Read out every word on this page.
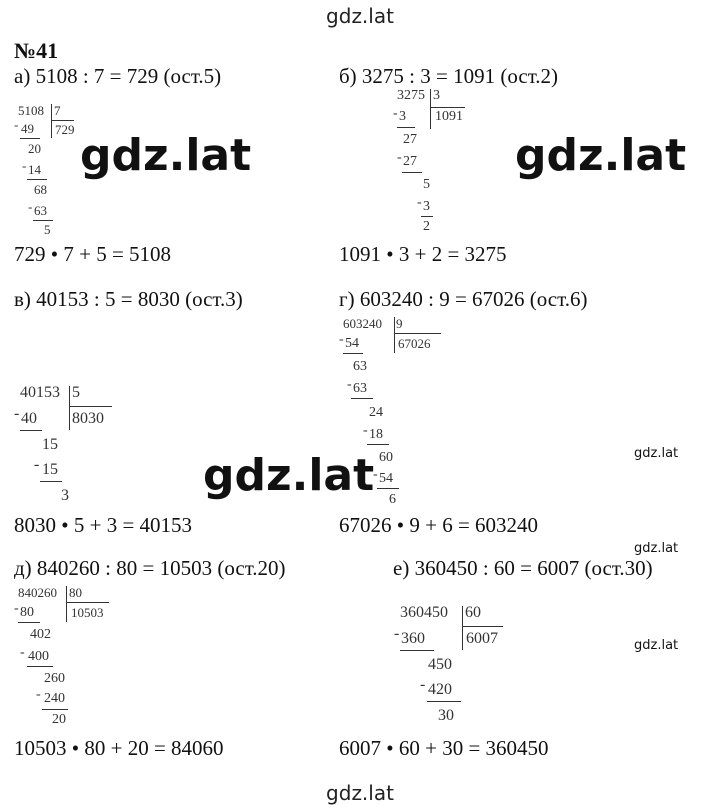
gdz.lat
gdz.lat	gdz.lat
gdz.lat	gdz.lat
gdz.lat
gdz.lat
gdz.lat
№41
а) 5108 : 7 = 729 (ост.5)
5108 7
729
- 49
20
- 14
68
- 63
5
729 • 7 + 5 = 5108
б) 3275 : 3 = 1091 (ост.2)
3275 3
1091
- 3
27
- 27
5
- 3
2
1091 • 3 + 2 = 3275
в) 40153 : 5 = 8030 (ост.3)
40153 5
8030
- 40
15
- 15
3
8030 • 5 + 3 = 40153
г) 603240 : 9 = 67026 (ост.6)
603240 9
67026
- 54
63
- 63
24
- 18
60
- 54
6
67026 • 9 + 6 = 603240
д) 840260 : 80 = 10503 (ост.20)
840260 80
10503
- 80
402
- 400
260
- 240
20
10503 • 80 + 20 = 84060
е) 360450 : 60 = 6007 (ост.30)
360450 60
6007
- 360
450
- 420
30
6007 • 60 + 30 = 360450
